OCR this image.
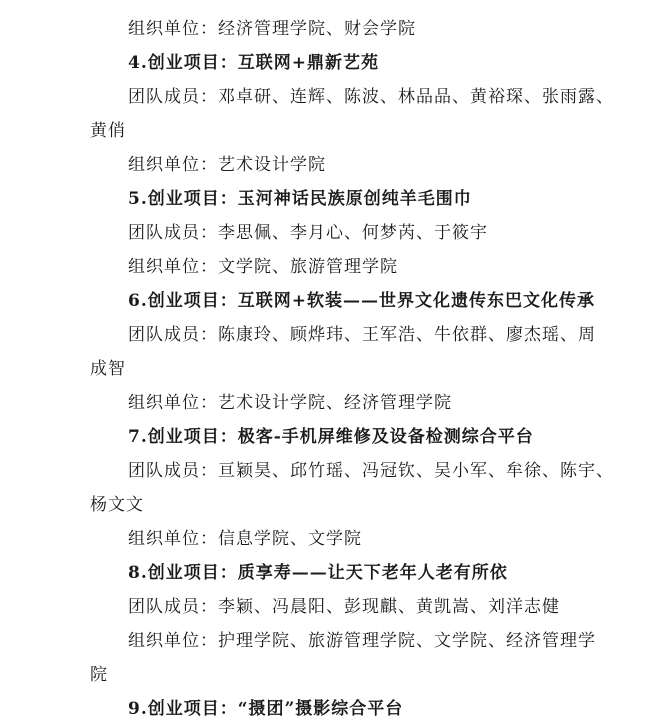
组织单位：经济管理学院、财会学院
4.创业项目：互联网+鼎新艺苑
团队成员：邓卓研、连辉、陈波、林品品、黄裕琛、张雨露、
黄俏
组织单位：艺术设计学院
5.创业项目：玉河神话民族原创纯羊毛围巾
团队成员：李思佩、李月心、何梦芮、于筱宇
组织单位：文学院、旅游管理学院
6.创业项目：互联网+软装——世界文化遗传东巴文化传承
团队成员：陈康玲、顾烨玮、王军浩、牛依群、廖杰瑶、周
成智
组织单位：艺术设计学院、经济管理学院
7.创业项目：极客-手机屏维修及设备检测综合平台
团队成员：亘颖昊、邱竹瑶、冯冠钦、吴小军、牟徐、陈宇、
杨文文
组织单位：信息学院、文学院
8.创业项目：质享寿——让天下老年人老有所依
团队成员：李颖、冯晨阳、彭现麒、黄凯嵩、刘洋志健
组织单位：护理学院、旅游管理学院、文学院、经济管理学
院
9.创业项目：“摄团”摄影综合平台
